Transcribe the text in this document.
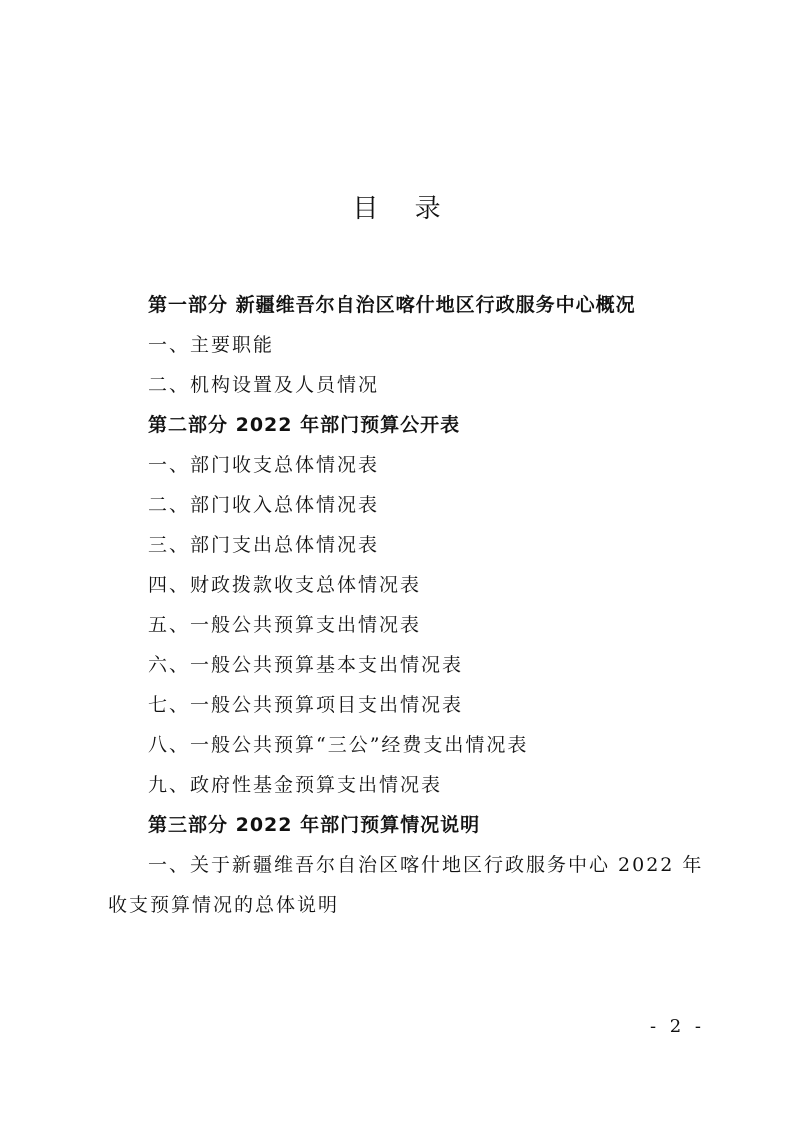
目 录
第一部分 新疆维吾尔自治区喀什地区行政服务中心概况
一、主要职能
二、机构设置及人员情况
第二部分 2022 年部门预算公开表
一、部门收支总体情况表
二、部门收入总体情况表
三、部门支出总体情况表
四、财政拨款收支总体情况表
五、一般公共预算支出情况表
六、一般公共预算基本支出情况表
七、一般公共预算项目支出情况表
八、一般公共预算“三公”经费支出情况表
九、政府性基金预算支出情况表
第三部分 2022 年部门预算情况说明
一、关于新疆维吾尔自治区喀什地区行政服务中心 2022 年
收支预算情况的总体说明
- 2 -
